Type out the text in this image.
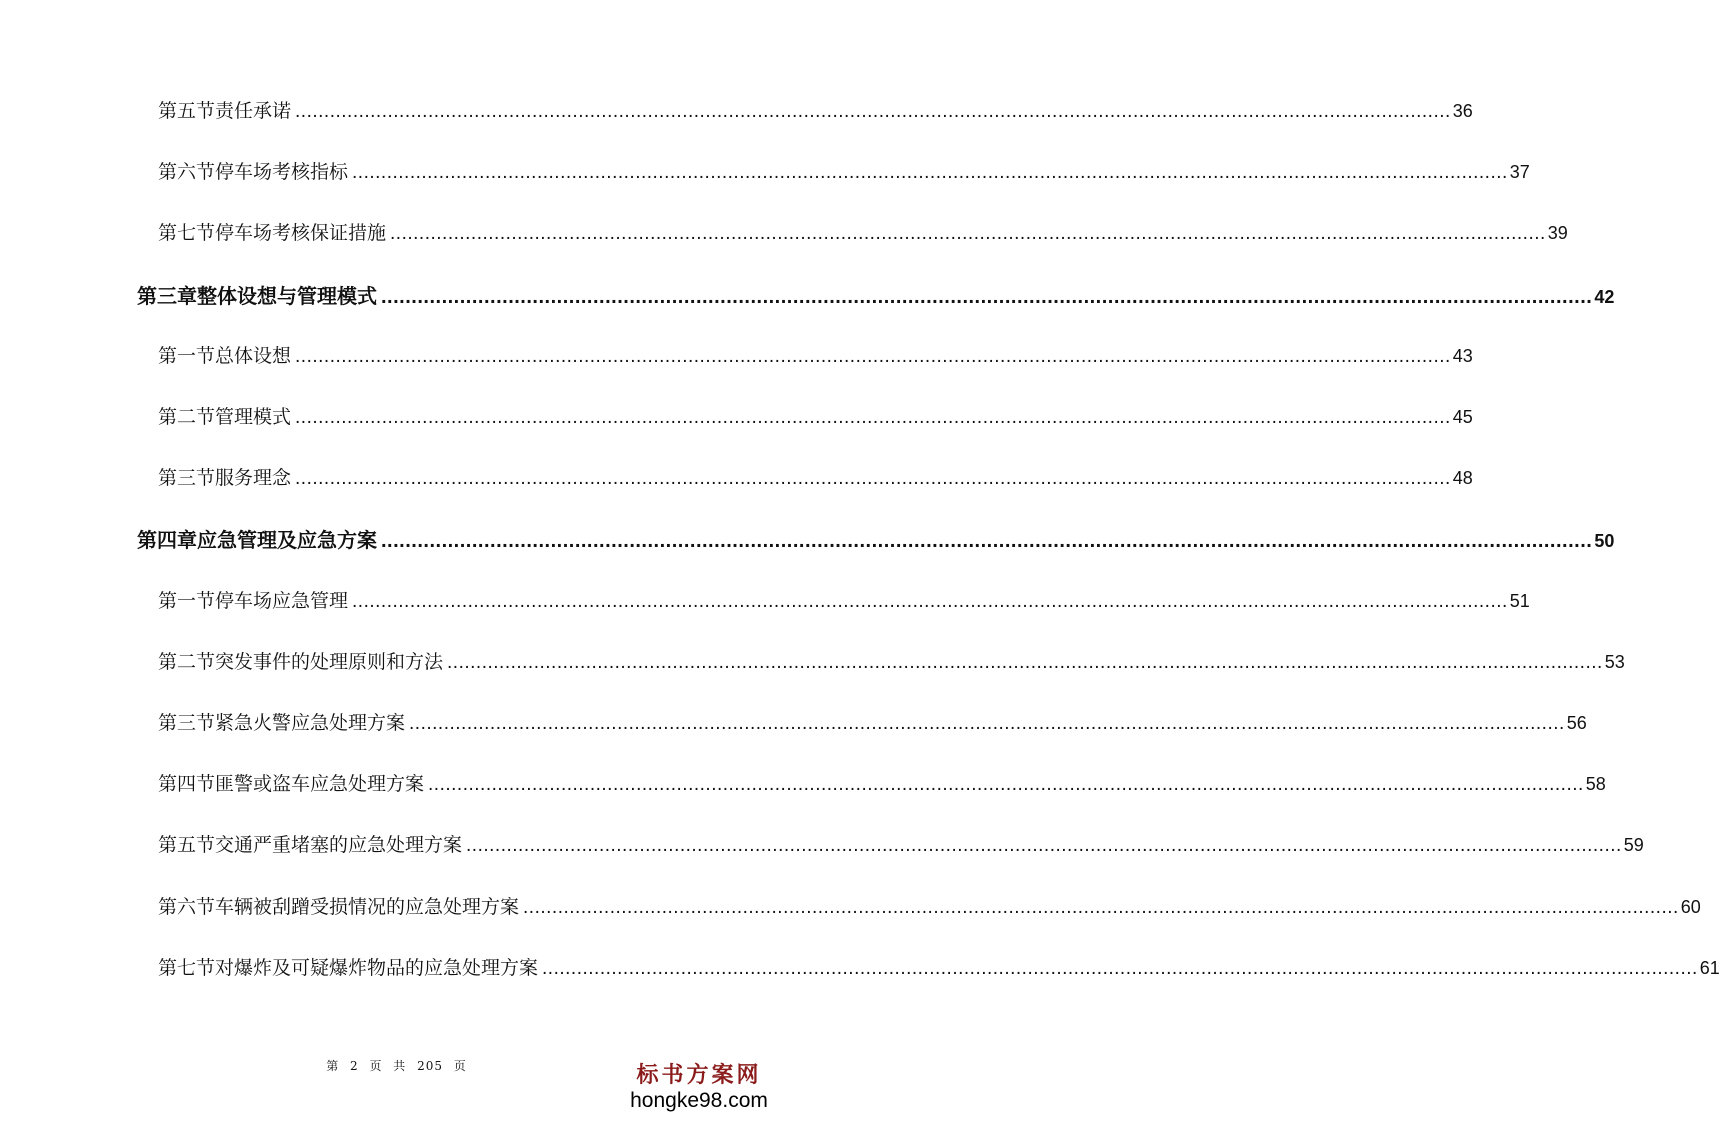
第五节 责任承诺 ........................................................................................................................................................................................................ 36
第六节 停车场考核指标 ........................................................................................................................................................................................................ 37
第七节 停车场考核保证措施 ........................................................................................................................................................................................................ 39
第三章 整体设想与管理模式 ........................................................................................................................................................................................................ 42
第一节 总体设想 ........................................................................................................................................................................................................ 43
第二节 管理模式 ........................................................................................................................................................................................................ 45
第三节 服务理念 ........................................................................................................................................................................................................ 48
第四章 应急管理及应急方案 ........................................................................................................................................................................................................ 50
第一节 停车场应急管理 ........................................................................................................................................................................................................ 51
第二节 突发事件的处理原则和方法 ........................................................................................................................................................................................................ 53
第三节 紧急火警应急处理方案 ........................................................................................................................................................................................................ 56
第四节 匪警或盗车应急处理方案 ........................................................................................................................................................................................................ 58
第五节 交通严重堵塞的应急处理方案 ........................................................................................................................................................................................................ 59
第六节 车辆被刮蹭受损情况的应急处理方案 ........................................................................................................................................................................................................ 60
第七节 对爆炸及可疑爆炸物品的应急处理方案 ........................................................................................................................................................................................................ 61
第 2 页 共 205 页	标书方案网
hongke98.com
